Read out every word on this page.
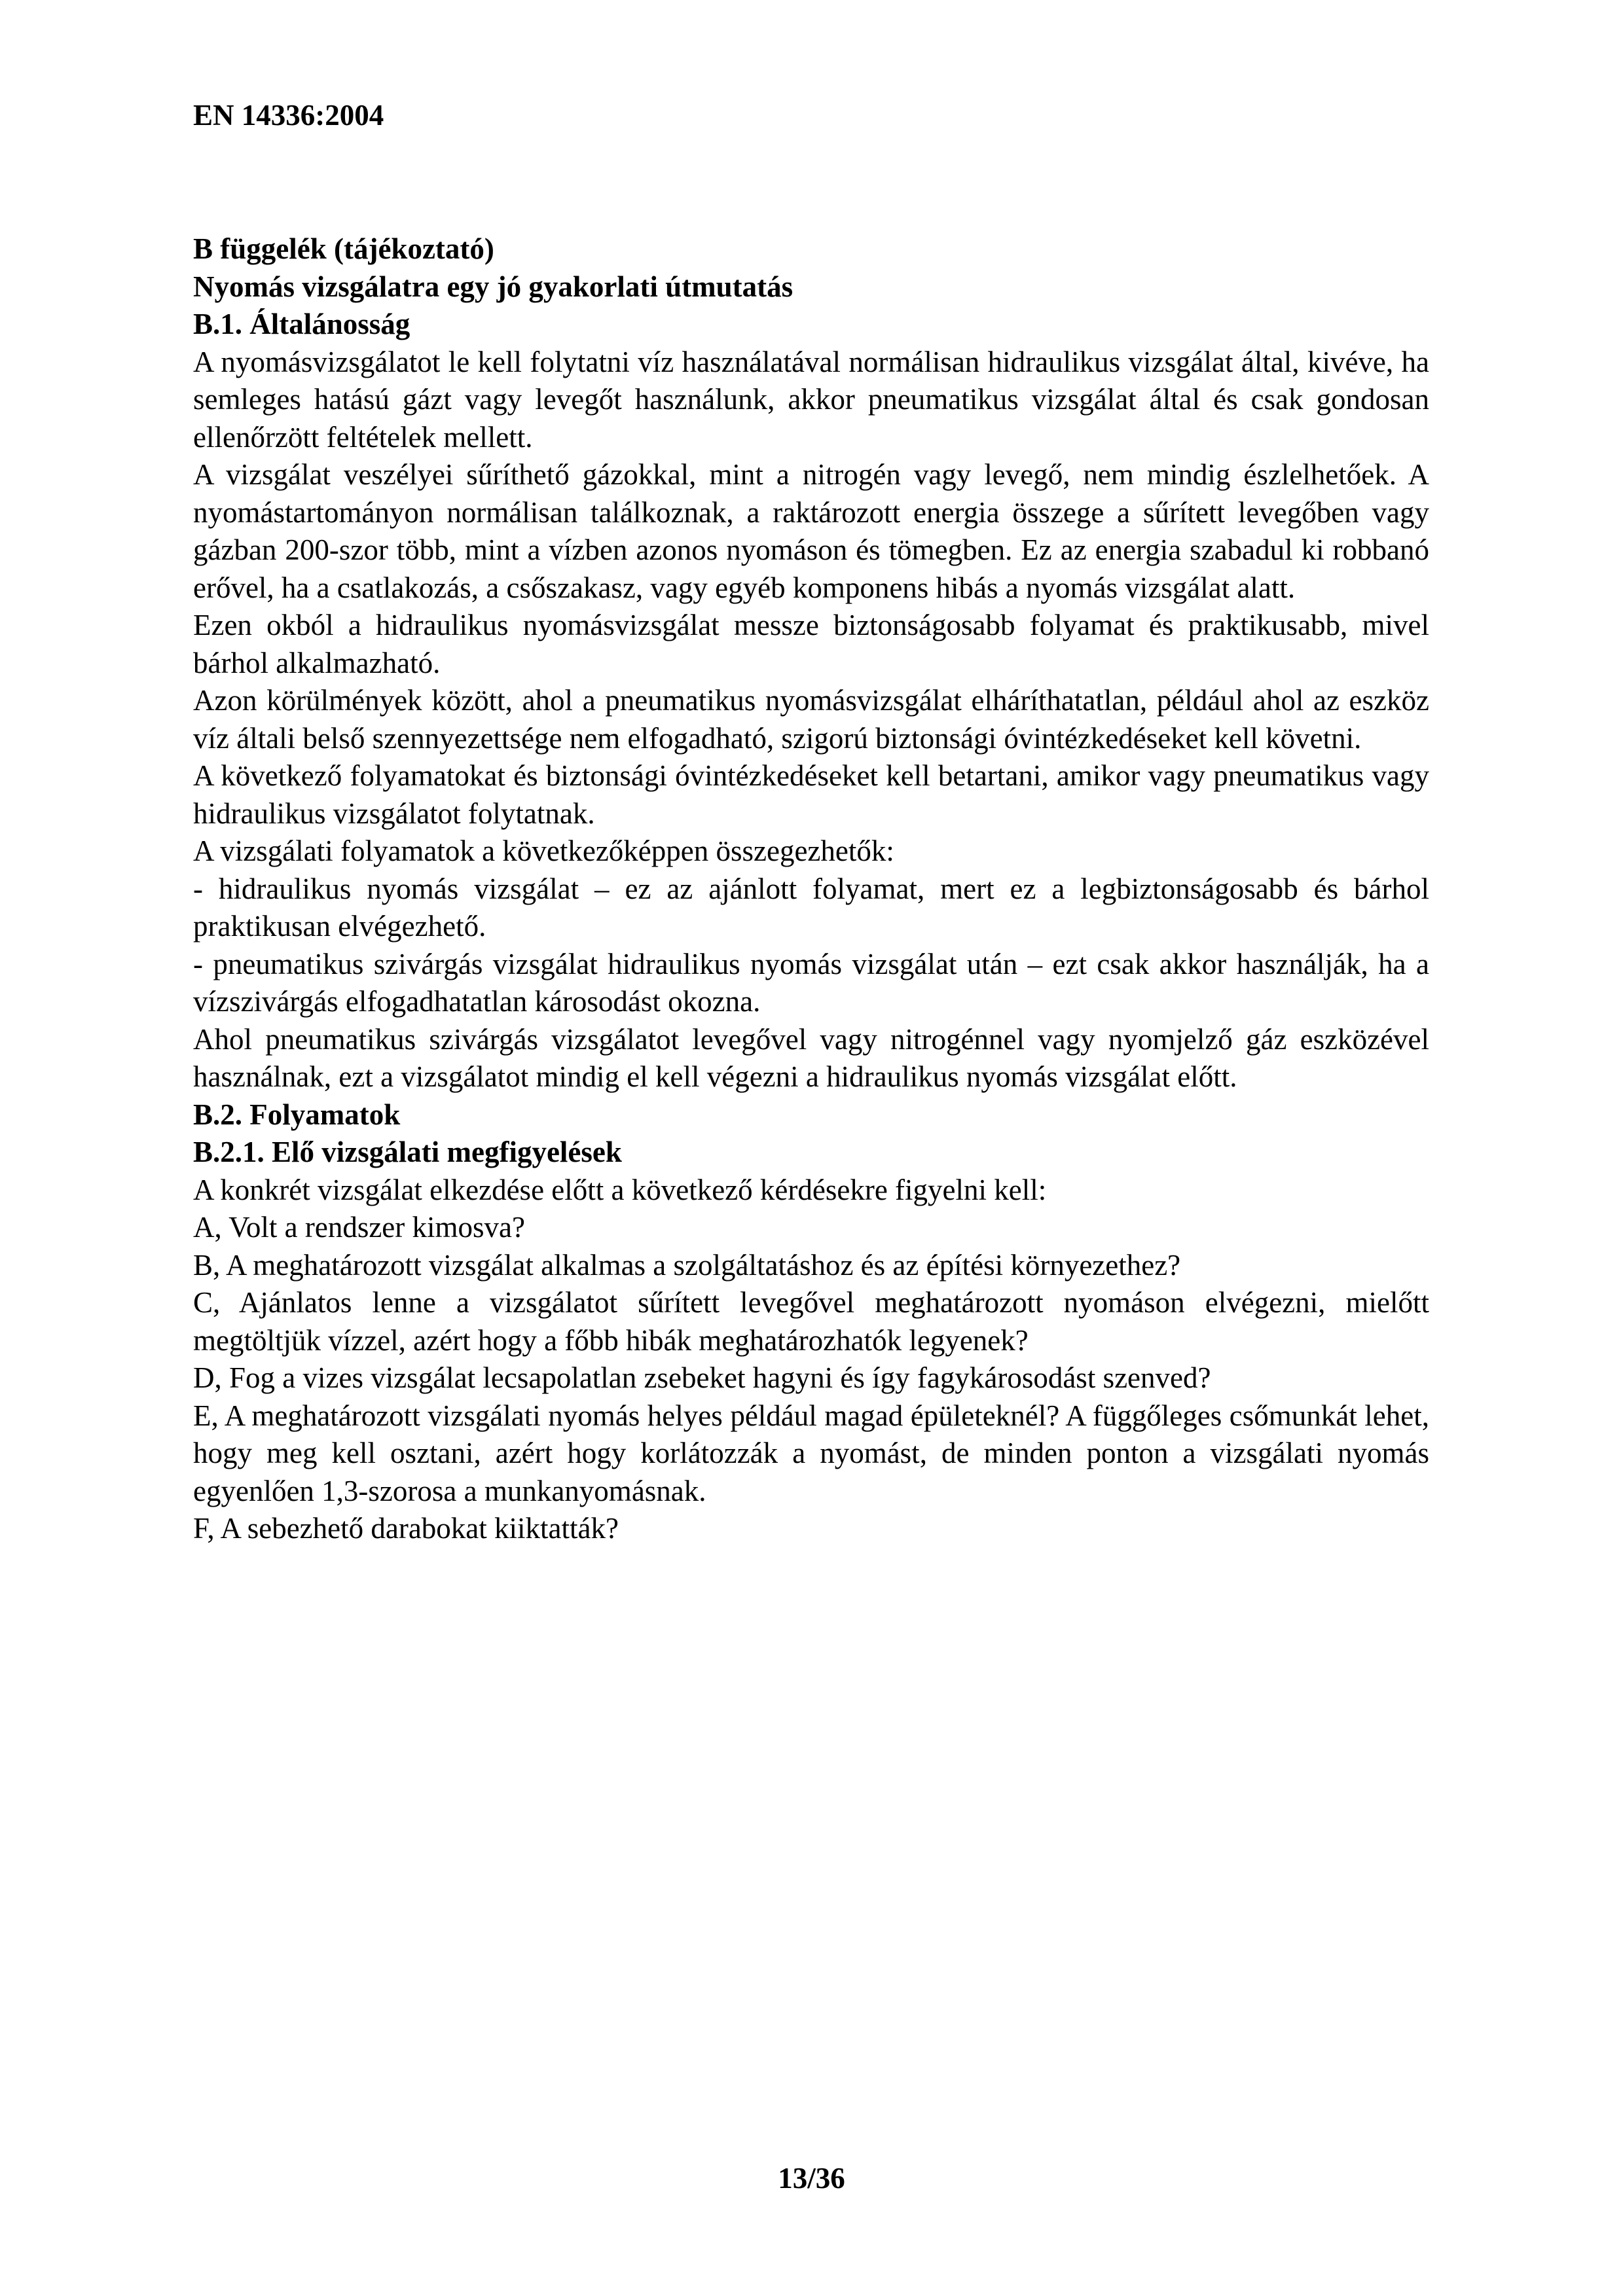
EN 14336:2004
B függelék (tájékoztató)
Nyomás vizsgálatra egy jó gyakorlati útmutatás
B.1. Általánosság

A nyomásvizsgálatot le kell folytatni víz használatával normálisan hidraulikus vizsgálat által, kivéve, ha semleges hatású gázt vagy levegőt használunk, akkor pneumatikus vizsgálat által és csak gondosan ellenőrzött feltételek mellett.

A vizsgálat veszélyei sűríthető gázokkal, mint a nitrogén vagy levegő, nem mindig észlelhetőek. A nyomástartományon normálisan találkoznak, a raktározott energia összege a sűrített levegőben vagy gázban 200-szor több, mint a vízben azonos nyomáson és tömegben. Ez az energia szabadul ki robbanó erővel, ha a csatlakozás, a csőszakasz, vagy egyéb komponens hibás a nyomás vizsgálat alatt.

Ezen okból a hidraulikus nyomásvizsgálat messze biztonságosabb folyamat és praktikusabb, mivel bárhol alkalmazható.

Azon körülmények között, ahol a pneumatikus nyomásvizsgálat elháríthatatlan, például ahol az eszköz víz általi belső szennyezettsége nem elfogadható, szigorú biztonsági óvintézkedéseket kell követni.

A következő folyamatokat és biztonsági óvintézkedéseket kell betartani, amikor vagy pneumatikus vagy hidraulikus vizsgálatot folytatnak.

A vizsgálati folyamatok a következőképpen összegezhetők:

- hidraulikus nyomás vizsgálat – ez az ajánlott folyamat, mert ez a legbiztonságosabb és bárhol praktikusan elvégezhető.

- pneumatikus szivárgás vizsgálat hidraulikus nyomás vizsgálat után – ezt csak akkor használják, ha a vízszivárgás elfogadhatatlan károsodást okozna.

Ahol pneumatikus szivárgás vizsgálatot levegővel vagy nitrogénnel vagy nyomjelző gáz eszközével használnak, ezt a vizsgálatot mindig el kell végezni a hidraulikus nyomás vizsgálat előtt.

B.2. Folyamatok
B.2.1. Elő vizsgálati megfigyelések

A konkrét vizsgálat elkezdése előtt a következő kérdésekre figyelni kell:

A, Volt a rendszer kimosva?

B, A meghatározott vizsgálat alkalmas a szolgáltatáshoz és az építési környezethez?

C, Ajánlatos lenne a vizsgálatot sűrített levegővel meghatározott nyomáson elvégezni, mielőtt megtöltjük vízzel, azért hogy a főbb hibák meghatározhatók legyenek?

D, Fog a vizes vizsgálat lecsapolatlan zsebeket hagyni és így fagykárosodást szenved?

E, A meghatározott vizsgálati nyomás helyes például magad épületeknél? A függőleges csőmunkát lehet, hogy meg kell osztani, azért hogy korlátozzák a nyomást, de minden ponton a vizsgálati nyomás egyenlően 1,3-szorosa a munkanyomásnak.

F, A sebezhető darabokat kiiktatták?

13/36
